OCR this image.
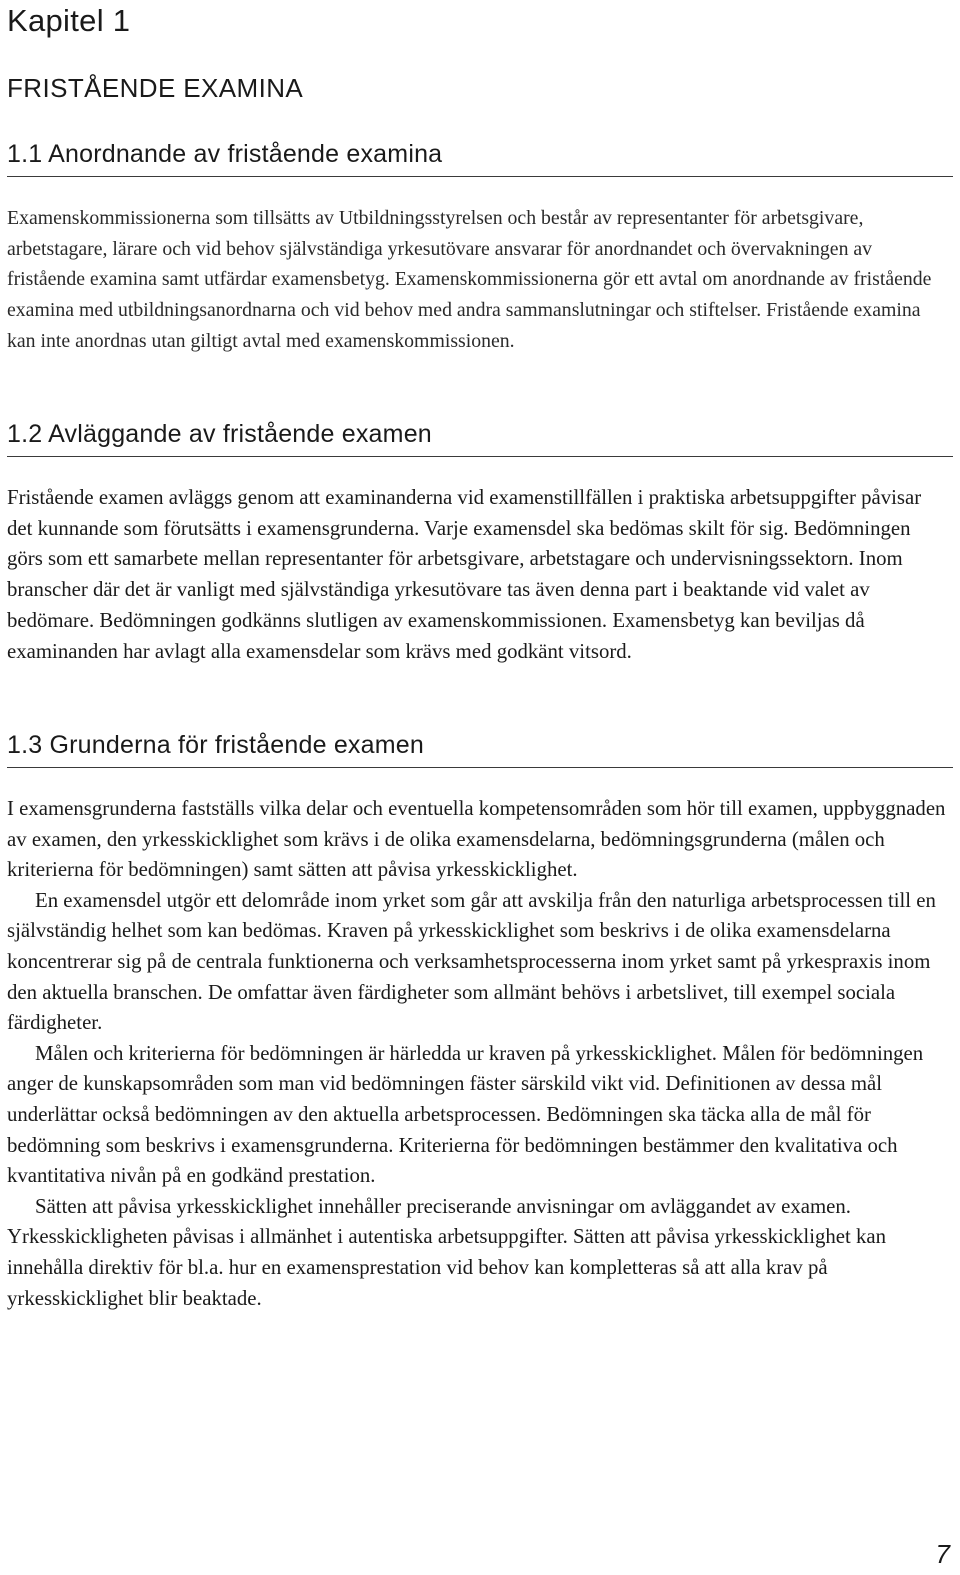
Kapitel 1
FRISTÅENDE EXAMINA
1.1 Anordnande av fristående examina

Examenskommissionerna som tillsätts av Utbildningsstyrelsen och består av representanter för arbetsgivare, arbetstagare, lärare och vid behov självständiga yrkesutövare ansvarar för anordnandet och övervakningen av fristående examina samt utfärdar examensbetyg. Examenskommissionerna gör ett avtal om anordnande av fristående examina med utbildningsanordnarna och vid behov med andra sammanslutningar och stiftelser. Fristående examina kan inte anordnas utan giltigt avtal med examenskommissionen.

1.2 Avläggande av fristående examen

Fristående examen avläggs genom att examinanderna vid examenstillfällen i praktiska arbetsuppgifter påvisar det kunnande som förutsätts i examensgrunderna. Varje examensdel ska bedömas skilt för sig. Bedömningen görs som ett samarbete mellan representanter för arbetsgivare, arbetstagare och undervisningssektorn. Inom branscher där det är vanligt med självständiga yrkesutövare tas även denna part i beaktande vid valet av bedömare. Bedömningen godkänns slutligen av examenskommissionen. Examensbetyg kan beviljas då examinanden har avlagt alla examensdelar som krävs med godkänt vitsord.

1.3 Grunderna för fristående examen

I examensgrunderna fastställs vilka delar och eventuella kompetensområden som hör till examen, uppbyggnaden av examen, den yrkesskicklighet som krävs i de olika examensdelarna, bedömningsgrunderna (målen och kriterierna för bedömningen) samt sätten att påvisa yrkesskicklighet.

En examensdel utgör ett delområde inom yrket som går att avskilja från den naturliga arbetsprocessen till en självständig helhet som kan bedömas. Kraven på yrkesskicklighet som beskrivs i de olika examensdelarna koncentrerar sig på de centrala funktionerna och verksamhetsprocesserna inom yrket samt på yrkespraxis inom den aktuella branschen. De omfattar även färdigheter som allmänt behövs i arbetslivet, till exempel sociala färdigheter.

Målen och kriterierna för bedömningen är härledda ur kraven på yrkesskicklighet. Målen för bedömningen anger de kunskapsområden som man vid bedömningen fäster särskild vikt vid. Definitionen av dessa mål underlättar också bedömningen av den aktuella arbetsprocessen. Bedömningen ska täcka alla de mål för bedömning som beskrivs i examensgrunderna. Kriterierna för bedömningen bestämmer den kvalitativa och kvantitativa nivån på en godkänd prestation.

Sätten att påvisa yrkesskicklighet innehåller preciserande anvisningar om avläggandet av examen. Yrkesskickligheten påvisas i allmänhet i autentiska arbetsuppgifter. Sätten att påvisa yrkesskicklighet kan innehålla direktiv för bl.a. hur en examensprestation vid behov kan kompletteras så att alla krav på yrkesskicklighet blir beaktade.

7
